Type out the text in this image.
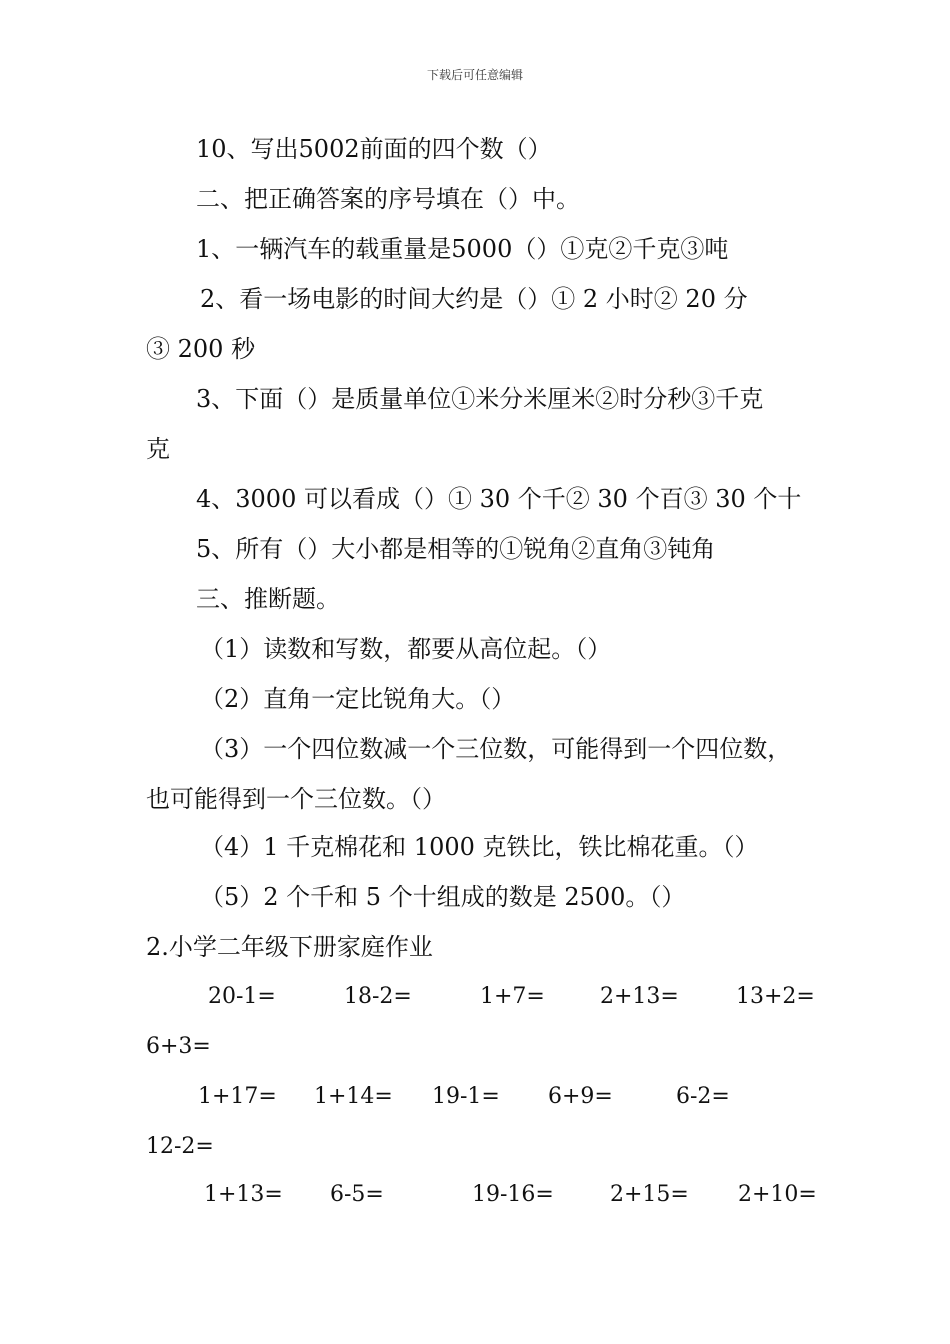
下载后可任意编辑
10、写出5002前面的四个数（）
二、把正确答案的序号填在（）中。
1、一辆汽车的载重量是5000（）①克②千克③吨
2、看一场电影的时间大约是（）① 2 小时② 20 分
③ 200 秒
3、下面（）是质量单位①米分米厘米②时分秒③千克
克
4、3000 可以看成（）① 30 个千② 30 个百③ 30 个十
5、所有（）大小都是相等的①锐角②直角③钝角
三、推断题。
（1）读数和写数，都要从高位起。（）
（2）直角一定比锐角大。（）
（3）一个四位数减一个三位数，可能得到一个四位数，
也可能得到一个三位数。（）
（4）1 千克棉花和 1000 克铁比，铁比棉花重。（）
（5）2 个千和 5 个十组成的数是 2500。（）
2.小学二年级下册家庭作业
20-1=	18-2=	1+7=	2+13=	13+2=
6+3=
1+17= 1+14= 19-1= 6+9=	6-2=
12-2=
1+13= 6-5=	19-16=	2+15= 2+10=
